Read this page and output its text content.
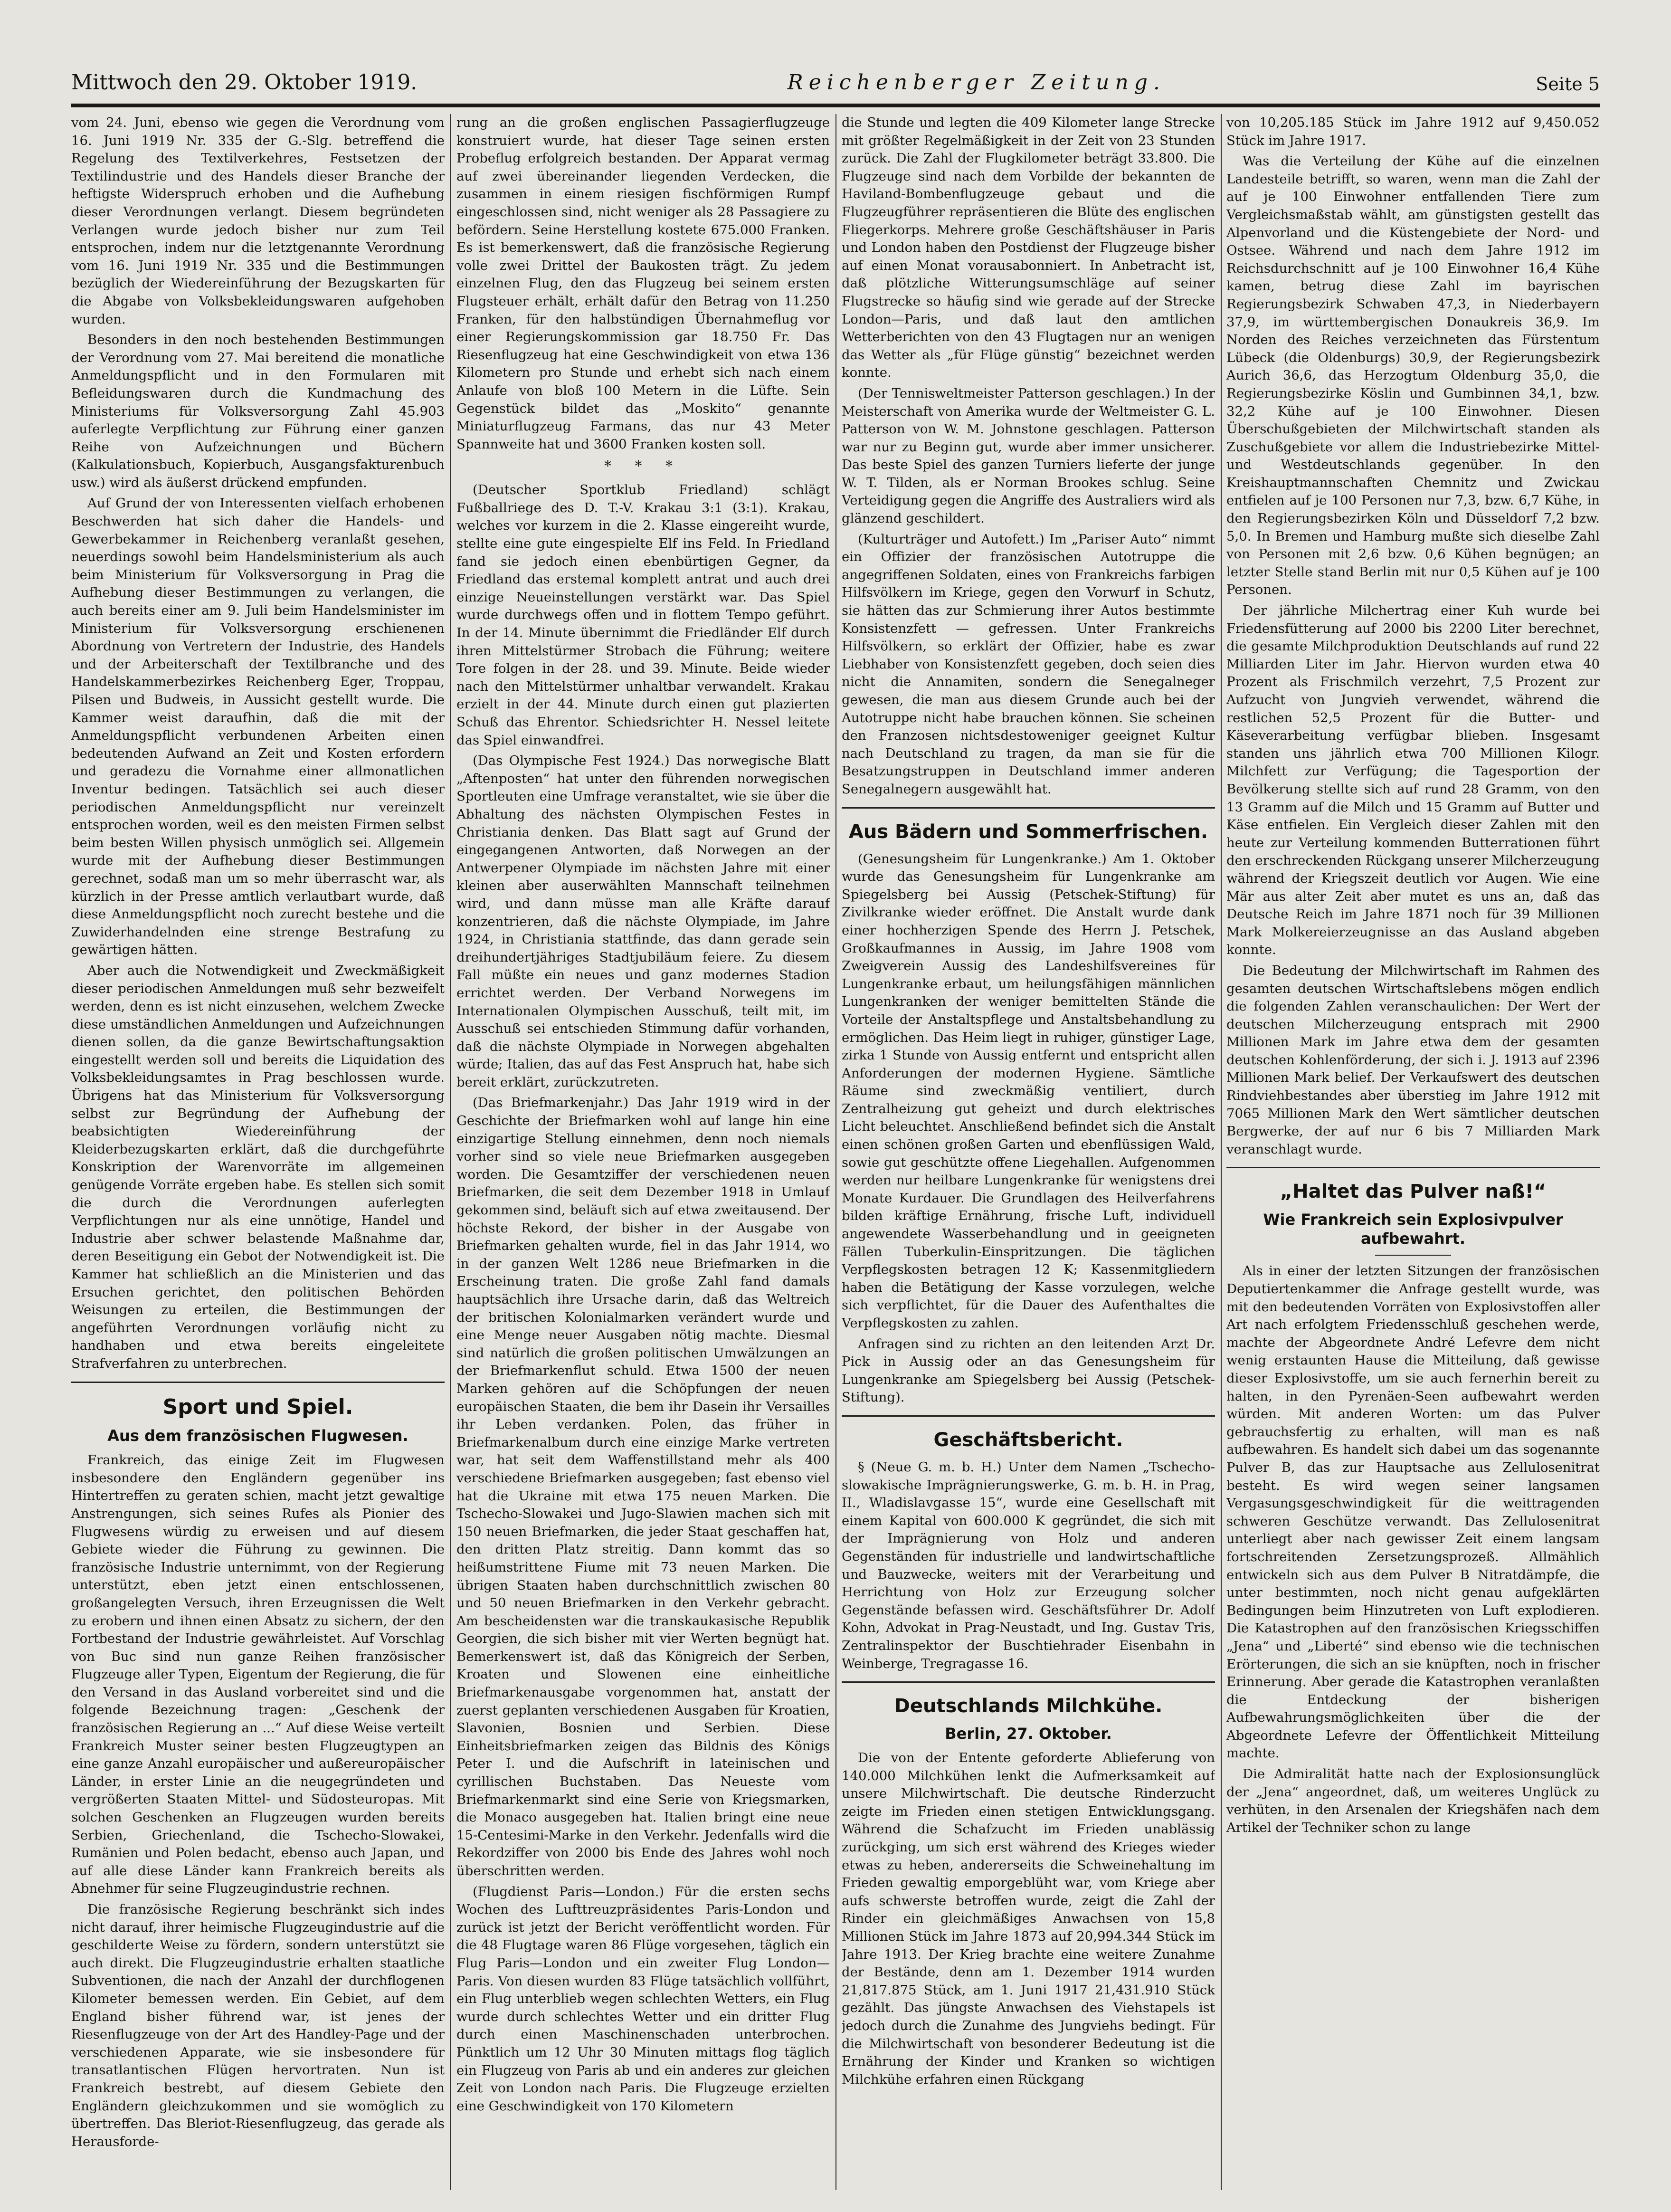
Mittwoch den 29. Oktober 1919.	Reichenberger Zeitung.	Seite 5

vom 24. Juni, ebenso wie gegen die Verordnung vom 16. Juni 1919 Nr. 335 der G.-Slg. betreffend die Regelung des Textilverkehres, Festsetzen der Textilindustrie und des Handels dieser Branche der heftigste Widerspruch erhoben und die Aufhebung dieser Verordnungen verlangt. Diesem begründeten Verlangen wurde jedoch bisher nur zum Teil entsprochen, indem nur die letztgenannte Verordnung vom 16. Juni 1919 Nr. 335 und die Bestimmungen bezüglich der Wiedereinführung der Bezugskarten für die Abgabe von Volksbekleidungswaren aufgehoben wurden.

Besonders in den noch bestehenden Bestimmungen der Verordnung vom 27. Mai bereitend die monatliche Anmeldungspflicht und in den Formularen mit Befleidungswaren durch die Kundmachung des Ministeriums für Volksversorgung Zahl 45.903 auferlegte Verpflichtung zur Führung einer ganzen Reihe von Aufzeichnungen und Büchern (Kalkulationsbuch, Kopierbuch, Ausgangsfakturenbuch usw.) wird als äußerst drückend empfunden.

Auf Grund der von Interessenten vielfach erhobenen Beschwerden hat sich daher die Handels- und Gewerbekammer in Reichenberg veranlaßt gesehen, neuerdings sowohl beim Handelsministerium als auch beim Ministerium für Volksversorgung in Prag die Aufhebung dieser Bestimmungen zu verlangen, die auch bereits einer am 9. Juli beim Handelsminister im Ministerium für Volksversorgung erschienenen Abordnung von Vertretern der Industrie, des Handels und der Arbeiterschaft der Textilbranche und des Handelskammerbezirkes Reichenberg Eger, Troppau, Pilsen und Budweis, in Aussicht gestellt wurde. Die Kammer weist daraufhin, daß die mit der Anmeldungspflicht verbundenen Arbeiten einen bedeutenden Aufwand an Zeit und Kosten erfordern und geradezu die Vornahme einer allmonatlichen Inventur bedingen. Tatsächlich sei auch dieser periodischen Anmeldungspflicht nur vereinzelt entsprochen worden, weil es den meisten Firmen selbst beim besten Willen physisch unmöglich sei. Allgemein wurde mit der Aufhebung dieser Bestimmungen gerechnet, sodaß man um so mehr überrascht war, als kürzlich in der Presse amtlich verlautbart wurde, daß diese Anmeldungspflicht noch zurecht bestehe und die Zuwiderhandelnden eine strenge Bestrafung zu gewärtigen hätten.

Aber auch die Notwendigkeit und Zweckmäßigkeit dieser periodischen Anmeldungen muß sehr bezweifelt werden, denn es ist nicht einzusehen, welchem Zwecke diese umständlichen Anmeldungen und Aufzeichnungen dienen sollen, da die ganze Bewirtschaftungsaktion eingestellt werden soll und bereits die Liquidation des Volksbekleidungsamtes in Prag beschlossen wurde. Übrigens hat das Ministerium für Volksversorgung selbst zur Begründung der Aufhebung der beabsichtigten Wiedereinführung der Kleiderbezugskarten erklärt, daß die durchgeführte Konskription der Warenvorräte im allgemeinen genügende Vorräte ergeben habe. Es stellen sich somit die durch die Verordnungen auferlegten Verpflichtungen nur als eine unnötige, Handel und Industrie aber schwer belastende Maßnahme dar, deren Beseitigung ein Gebot der Notwendigkeit ist. Die Kammer hat schließlich an die Ministerien und das Ersuchen gerichtet, den politischen Behörden Weisungen zu erteilen, die Bestimmungen der angeführten Verordnungen vorläufig nicht zu handhaben und etwa bereits eingeleitete Strafverfahren zu unterbrechen.

Sport und Spiel.
Aus dem französischen Flugwesen.

Frankreich, das einige Zeit im Flugwesen insbesondere den Engländern gegenüber ins Hintertreffen zu geraten schien, macht jetzt gewaltige Anstrengungen, sich seines Rufes als Pionier des Flugwesens würdig zu erweisen und auf diesem Gebiete wieder die Führung zu gewinnen. Die französische Industrie unternimmt, von der Regierung unterstützt, eben jetzt einen entschlossenen, großangelegten Versuch, ihren Erzeugnissen die Welt zu erobern und ihnen einen Absatz zu sichern, der den Fortbestand der Industrie gewährleistet. Auf Vorschlag von Buc sind nun ganze Reihen französischer Flugzeuge aller Typen, Eigentum der Regierung, die für den Versand in das Ausland vorbereitet sind und die folgende Bezeichnung tragen: „Geschenk der französischen Regierung an ...“ Auf diese Weise verteilt Frankreich Muster seiner besten Flugzeugtypen an eine ganze Anzahl europäischer und außereuropäischer Länder, in erster Linie an die neugegründeten und vergrößerten Staaten Mittel- und Südosteuropas. Mit solchen Geschenken an Flugzeugen wurden bereits Serbien, Griechenland, die Tschecho-Slowakei, Rumänien und Polen bedacht, ebenso auch Japan, und auf alle diese Länder kann Frankreich bereits als Abnehmer für seine Flugzeugindustrie rechnen.

Die französische Regierung beschränkt sich indes nicht darauf, ihrer heimische Flugzeugindustrie auf die geschilderte Weise zu fördern, sondern unterstützt sie auch direkt. Die Flugzeugindustrie erhalten staatliche Subventionen, die nach der Anzahl der durchflogenen Kilometer bemessen werden. Ein Gebiet, auf dem England bisher führend war, ist jenes der Riesenflugzeuge von der Art des Handley-Page und der verschiedenen Apparate, wie sie insbesondere für transatlantischen Flügen hervortraten. Nun ist Frankreich bestrebt, auf diesem Gebiete den Engländern gleichzukommen und sie womöglich zu übertreffen. Das Bleriot-Riesenflugzeug, das gerade als Herausforde-

rung an die großen englischen Passagierflugzeuge konstruiert wurde, hat dieser Tage seinen ersten Probeflug erfolgreich bestanden. Der Apparat vermag auf zwei übereinander liegenden Verdecken, die zusammen in einem riesigen fischförmigen Rumpf eingeschlossen sind, nicht weniger als 28 Passagiere zu befördern. Seine Herstellung kostete 675.000 Franken. Es ist bemerkenswert, daß die französische Regierung volle zwei Drittel der Baukosten trägt. Zu jedem einzelnen Flug, den das Flugzeug bei seinem ersten Flugsteuer erhält, erhält dafür den Betrag von 11.250 Franken, für den halbstündigen Übernahmeflug vor einer Regierungskommission gar 18.750 Fr. Das Riesenflugzeug hat eine Geschwindigkeit von etwa 136 Kilometern pro Stunde und erhebt sich nach einem Anlaufe von bloß 100 Metern in die Lüfte. Sein Gegenstück bildet das „Moskito“ genannte Miniaturflugzeug Farmans, das nur 43 Meter Spannweite hat und 3600 Franken kosten soll.

* * *

(Deutscher Sportklub Friedland) schlägt Fußballriege des D. T.-V. Krakau 3:1 (3:1). Krakau, welches vor kurzem in die 2. Klasse eingereiht wurde, stellte eine gute eingespielte Elf ins Feld. In Friedland fand sie jedoch einen ebenbürtigen Gegner, da Friedland das erstemal komplett antrat und auch drei einzige Neueinstellungen verstärkt war. Das Spiel wurde durchwegs offen und in flottem Tempo geführt. In der 14. Minute übernimmt die Friedländer Elf durch ihren Mittelstürmer Strobach die Führung; weitere Tore folgen in der 28. und 39. Minute. Beide wieder nach den Mittelstürmer unhaltbar verwandelt. Krakau erzielt in der 44. Minute durch einen gut plazierten Schuß das Ehrentor. Schiedsrichter H. Nessel leitete das Spiel einwandfrei.

(Das Olympische Fest 1924.) Das norwegische Blatt „Aftenposten“ hat unter den führenden norwegischen Sportleuten eine Umfrage veranstaltet, wie sie über die Abhaltung des nächsten Olympischen Festes in Christiania denken. Das Blatt sagt auf Grund der eingegangenen Antworten, daß Norwegen an der Antwerpener Olympiade im nächsten Jahre mit einer kleinen aber auserwählten Mannschaft teilnehmen wird, und dann müsse man alle Kräfte darauf konzentrieren, daß die nächste Olympiade, im Jahre 1924, in Christiania stattfinde, das dann gerade sein dreihundertjähriges Stadtjubiläum feiere. Zu diesem Fall müßte ein neues und ganz modernes Stadion errichtet werden. Der Verband Norwegens im Internationalen Olympischen Ausschuß, teilt mit, im Ausschuß sei entschieden Stimmung dafür vorhanden, daß die nächste Olympiade in Norwegen abgehalten würde; Italien, das auf das Fest Anspruch hat, habe sich bereit erklärt, zurückzutreten.

(Das Briefmarkenjahr.) Das Jahr 1919 wird in der Geschichte der Briefmarken wohl auf lange hin eine einzigartige Stellung einnehmen, denn noch niemals vorher sind so viele neue Briefmarken ausgegeben worden. Die Gesamtziffer der verschiedenen neuen Briefmarken, die seit dem Dezember 1918 in Umlauf gekommen sind, beläuft sich auf etwa zweitausend. Der höchste Rekord, der bisher in der Ausgabe von Briefmarken gehalten wurde, fiel in das Jahr 1914, wo in der ganzen Welt 1286 neue Briefmarken in die Erscheinung traten. Die große Zahl fand damals hauptsächlich ihre Ursache darin, daß das Weltreich der britischen Kolonialmarken verändert wurde und eine Menge neuer Ausgaben nötig machte. Diesmal sind natürlich die großen politischen Umwälzungen an der Briefmarkenflut schuld. Etwa 1500 der neuen Marken gehören auf die Schöpfungen der neuen europäischen Staaten, die bem ihr Dasein ihr Versailles ihr Leben verdanken. Polen, das früher in Briefmarkenalbum durch eine einzige Marke vertreten war, hat seit dem Waffenstillstand mehr als 400 verschiedene Briefmarken ausgegeben; fast ebenso viel hat die Ukraine mit etwa 175 neuen Marken. Die Tschecho-Slowakei und Jugo-Slawien machen sich mit 150 neuen Briefmarken, die jeder Staat geschaffen hat, den dritten Platz streitig. Dann kommt das so heißumstrittene Fiume mit 73 neuen Marken. Die übrigen Staaten haben durchschnittlich zwischen 80 und 50 neuen Briefmarken in den Verkehr gebracht. Am bescheidensten war die transkaukasische Republik Georgien, die sich bisher mit vier Werten begnügt hat. Bemerkenswert ist, daß das Königreich der Serben, Kroaten und Slowenen eine einheitliche Briefmarkenausgabe vorgenommen hat, anstatt der zuerst geplanten verschiedenen Ausgaben für Kroatien, Slavonien, Bosnien und Serbien. Diese Einheitsbriefmarken zeigen das Bildnis des Königs Peter I. und die Aufschrift in lateinischen und cyrillischen Buchstaben. Das Neueste vom Briefmarkenmarkt sind eine Serie von Kriegsmarken, die Monaco ausgegeben hat. Italien bringt eine neue 15-Centesimi-Marke in den Verkehr. Jedenfalls wird die Rekordziffer von 2000 bis Ende des Jahres wohl noch überschritten werden.

(Flugdienst Paris—London.) Für die ersten sechs Wochen des Lufttreuzpräsidentes Paris-London und zurück ist jetzt der Bericht veröffentlicht worden. Für die 48 Flugtage waren 86 Flüge vorgesehen, täglich ein Flug Paris—London und ein zweiter Flug London—Paris. Von diesen wurden 83 Flüge tatsächlich vollführt, ein Flug unterblieb wegen schlechten Wetters, ein Flug wurde durch schlechtes Wetter und ein dritter Flug durch einen Maschinenschaden unterbrochen. Pünktlich um 12 Uhr 30 Minuten mittags flog täglich ein Flugzeug von Paris ab und ein anderes zur gleichen Zeit von London nach Paris. Die Flugzeuge erzielten eine Geschwindigkeit von 170 Kilometern

die Stunde und legten die 409 Kilometer lange Strecke mit größter Regelmäßigkeit in der Zeit von 23 Stunden zurück. Die Zahl der Flugkilometer beträgt 33.800. Die Flugzeuge sind nach dem Vorbilde der bekannten de Haviland-Bombenflugzeuge gebaut und die Flugzeugführer repräsentieren die Blüte des englischen Fliegerkorps. Mehrere große Geschäftshäuser in Paris und London haben den Postdienst der Flugzeuge bisher auf einen Monat vorausabonniert. In Anbetracht ist, daß plötzliche Witterungsumschläge auf seiner Flugstrecke so häufig sind wie gerade auf der Strecke London—Paris, und daß laut den amtlichen Wetterberichten von den 43 Flugtagen nur an wenigen das Wetter als „für Flüge günstig“ bezeichnet werden konnte.

(Der Tennisweltmeister Patterson geschlagen.) In der Meisterschaft von Amerika wurde der Weltmeister G. L. Patterson von W. M. Johnstone geschlagen. Patterson war nur zu Beginn gut, wurde aber immer unsicherer. Das beste Spiel des ganzen Turniers lieferte der junge W. T. Tilden, als er Norman Brookes schlug. Seine Verteidigung gegen die Angriffe des Australiers wird als glänzend geschildert.

(Kulturträger und Autofett.) Im „Pariser Auto“ nimmt ein Offizier der französischen Autotruppe die angegriffenen Soldaten, eines von Frankreichs farbigen Hilfsvölkern im Kriege, gegen den Vorwurf in Schutz, sie hätten das zur Schmierung ihrer Autos bestimmte Konsistenzfett — gefressen. Unter Frankreichs Hilfsvölkern, so erklärt der Offizier, habe es zwar Liebhaber von Konsistenzfett gegeben, doch seien dies nicht die Annamiten, sondern die Senegalneger gewesen, die man aus diesem Grunde auch bei der Autotruppe nicht habe brauchen können. Sie scheinen den Franzosen nichtsdestoweniger geeignet Kultur nach Deutschland zu tragen, da man sie für die Besatzungstruppen in Deutschland immer anderen Senegalnegern ausgewählt hat.

Aus Bädern und Sommerfrischen.

(Genesungsheim für Lungenkranke.) Am 1. Oktober wurde das Genesungsheim für Lungenkranke am Spiegelsberg bei Aussig (Petschek-Stiftung) für Zivilkranke wieder eröffnet. Die Anstalt wurde dank einer hochherzigen Spende des Herrn J. Petschek, Großkaufmannes in Aussig, im Jahre 1908 vom Zweigverein Aussig des Landeshilfsvereines für Lungenkranke erbaut, um heilungsfähigen männlichen Lungenkranken der weniger bemittelten Stände die Vorteile der Anstaltspflege und Anstaltsbehandlung zu ermöglichen. Das Heim liegt in ruhiger, günstiger Lage, zirka 1 Stunde von Aussig entfernt und entspricht allen Anforderungen der modernen Hygiene. Sämtliche Räume sind zweckmäßig ventiliert, durch Zentralheizung gut geheizt und durch elektrisches Licht beleuchtet. Anschließend befindet sich die Anstalt einen schönen großen Garten und ebenflüssigen Wald, sowie gut geschützte offene Liegehallen. Aufgenommen werden nur heilbare Lungenkranke für wenigstens drei Monate Kurdauer. Die Grundlagen des Heilverfahrens bilden kräftige Ernährung, frische Luft, individuell angewendete Wasserbehandlung und in geeigneten Fällen Tuberkulin-Einspritzungen. Die täglichen Verpflegskosten betragen 12 K; Kassenmitgliedern haben die Betätigung der Kasse vorzulegen, welche sich verpflichtet, für die Dauer des Aufenthaltes die Verpflegskosten zu zahlen.

Anfragen sind zu richten an den leitenden Arzt Dr. Pick in Aussig oder an das Genesungsheim für Lungenkranke am Spiegelsberg bei Aussig (Petschek-Stiftung).

Geschäftsbericht.

§ (Neue G. m. b. H.) Unter dem Namen „Tschecho-slowakische Imprägnierungswerke, G. m. b. H. in Prag, II., Wladislavgasse 15“, wurde eine Gesellschaft mit einem Kapital von 600.000 K gegründet, die sich mit der Imprägnierung von Holz und anderen Gegenständen für industrielle und landwirtschaftliche und Bauzwecke, weiters mit der Verarbeitung und Herrichtung von Holz zur Erzeugung solcher Gegenstände befassen wird. Geschäftsführer Dr. Adolf Kohn, Advokat in Prag-Neustadt, und Ing. Gustav Tris, Zentralinspektor der Buschtiehrader Eisenbahn in Weinberge, Tregragasse 16.

Deutschlands Milchkühe.
Berlin, 27. Oktober.

Die von der Entente geforderte Ablieferung von 140.000 Milchkühen lenkt die Aufmerksamkeit auf unsere Milchwirtschaft. Die deutsche Rinderzucht zeigte im Frieden einen stetigen Entwicklungsgang. Während die Schafzucht im Frieden unablässig zurückging, um sich erst während des Krieges wieder etwas zu heben, andererseits die Schweinehaltung im Frieden gewaltig emporgeblüht war, vom Kriege aber aufs schwerste betroffen wurde, zeigt die Zahl der Rinder ein gleichmäßiges Anwachsen von 15,8 Millionen Stück im Jahre 1873 auf 20,994.344 Stück im Jahre 1913. Der Krieg brachte eine weitere Zunahme der Bestände, denn am 1. Dezember 1914 wurden 21,817.875 Stück, am 1. Juni 1917 21,431.910 Stück gezählt. Das jüngste Anwachsen des Viehstapels ist jedoch durch die Zunahme des Jungviehs bedingt. Für die Milchwirtschaft von besonderer Bedeutung ist die Ernährung der Kinder und Kranken so wichtigen Milchkühe erfahren einen Rückgang

von 10,205.185 Stück im Jahre 1912 auf 9,450.052 Stück im Jahre 1917.

Was die Verteilung der Kühe auf die einzelnen Landesteile betrifft, so waren, wenn man die Zahl der auf je 100 Einwohner entfallenden Tiere zum Vergleichsmaßstab wählt, am günstigsten gestellt das Alpenvorland und die Küstengebiete der Nord- und Ostsee. Während und nach dem Jahre 1912 im Reichsdurchschnitt auf je 100 Einwohner 16,4 Kühe kamen, betrug diese Zahl im bayrischen Regierungsbezirk Schwaben 47,3, in Niederbayern 37,9, im württembergischen Donaukreis 36,9. Im Norden des Reiches verzeichneten das Fürstentum Lübeck (die Oldenburgs) 30,9, der Regierungsbezirk Aurich 36,6, das Herzogtum Oldenburg 35,0, die Regierungsbezirke Köslin und Gumbinnen 34,1, bzw. 32,2 Kühe auf je 100 Einwohner. Diesen Überschußgebieten der Milchwirtschaft standen als Zuschußgebiete vor allem die Industriebezirke Mittel- und Westdeutschlands gegenüber. In den Kreishauptmannschaften Chemnitz und Zwickau entfielen auf je 100 Personen nur 7,3, bzw. 6,7 Kühe, in den Regierungsbezirken Köln und Düsseldorf 7,2 bzw. 5,0. In Bremen und Hamburg mußte sich dieselbe Zahl von Personen mit 2,6 bzw. 0,6 Kühen begnügen; an letzter Stelle stand Berlin mit nur 0,5 Kühen auf je 100 Personen.

Der jährliche Milchertrag einer Kuh wurde bei Friedensfütterung auf 2000 bis 2200 Liter berechnet, die gesamte Milchproduktion Deutschlands auf rund 22 Milliarden Liter im Jahr. Hiervon wurden etwa 40 Prozent als Frischmilch verzehrt, 7,5 Prozent zur Aufzucht von Jungvieh verwendet, während die restlichen 52,5 Prozent für die Butter- und Käseverarbeitung verfügbar blieben. Insgesamt standen uns jährlich etwa 700 Millionen Kilogr. Milchfett zur Verfügung; die Tagesportion der Bevölkerung stellte sich auf rund 28 Gramm, von den 13 Gramm auf die Milch und 15 Gramm auf Butter und Käse entfielen. Ein Vergleich dieser Zahlen mit den heute zur Verteilung kommenden Butterrationen führt den erschreckenden Rückgang unserer Milcherzeugung während der Kriegszeit deutlich vor Augen. Wie eine Mär aus alter Zeit aber mutet es uns an, daß das Deutsche Reich im Jahre 1871 noch für 39 Millionen Mark Molkereierzeugnisse an das Ausland abgeben konnte.

Die Bedeutung der Milchwirtschaft im Rahmen des gesamten deutschen Wirtschaftslebens mögen endlich die folgenden Zahlen veranschaulichen: Der Wert der deutschen Milcherzeugung entsprach mit 2900 Millionen Mark im Jahre etwa dem der gesamten deutschen Kohlenförderung, der sich i. J. 1913 auf 2396 Millionen Mark belief. Der Verkaufswert des deutschen Rindviehbestandes aber überstieg im Jahre 1912 mit 7065 Millionen Mark den Wert sämtlicher deutschen Bergwerke, der auf nur 6 bis 7 Milliarden Mark veranschlagt wurde.

„Haltet das Pulver naß!“
Wie Frankreich sein Explosivpulver
aufbewahrt.

Als in einer der letzten Sitzungen der französischen Deputiertenkammer die Anfrage gestellt wurde, was mit den bedeutenden Vorräten von Explosivstoffen aller Art nach erfolgtem Friedensschluß geschehen werde, machte der Abgeordnete André Lefevre dem nicht wenig erstaunten Hause die Mitteilung, daß gewisse dieser Explosivstoffe, um sie auch fernerhin bereit zu halten, in den Pyrenäen-Seen aufbewahrt werden würden. Mit anderen Worten: um das Pulver gebrauchsfertig zu erhalten, will man es naß aufbewahren. Es handelt sich dabei um das sogenannte Pulver B, das zur Hauptsache aus Zellulosenitrat besteht. Es wird wegen seiner langsamen Vergasungsgeschwindigkeit für die weittragenden schweren Geschütze verwandt. Das Zellulosenitrat unterliegt aber nach gewisser Zeit einem langsam fortschreitenden Zersetzungsprozeß. Allmählich entwickeln sich aus dem Pulver B Nitratdämpfe, die unter bestimmten, noch nicht genau aufgeklärten Bedingungen beim Hinzutreten von Luft explodieren. Die Katastrophen auf den französischen Kriegsschiffen „Jena“ und „Liberté“ sind ebenso wie die technischen Erörterungen, die sich an sie knüpften, noch in frischer Erinnerung. Aber gerade die Katastrophen veranlaßten die Entdeckung der bisherigen Aufbewahrungsmöglichkeiten über die der Abgeordnete Lefevre der Öffentlichkeit Mitteilung machte.

Die Admiralität hatte nach der Explosionsunglück der „Jena“ angeordnet, daß, um weiteres Unglück zu verhüten, in den Arsenalen der Kriegshäfen nach dem Artikel der Techniker schon zu lange
